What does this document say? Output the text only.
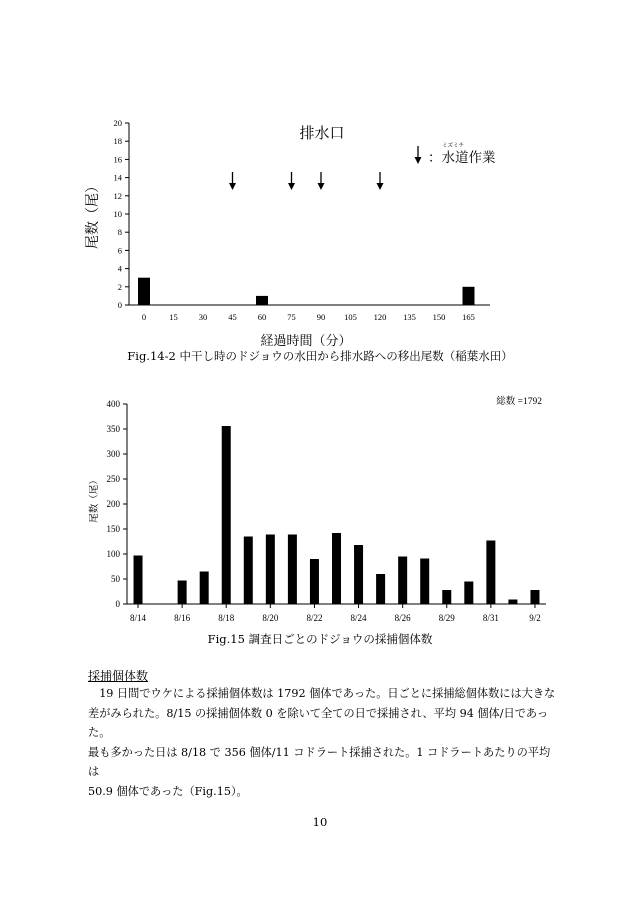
0
2
4
6
8
10
12
14
16
18
20
0	15 30 45 60 75 90 105 120 135 150 165
排水口
：水道作業
ミズミチ
経過時間（分）
尾数（尾）
Fig.14-2 中干し時のドジョウの水田から排水路への移出尾数（稲葉水田）
0
50
100
150
200
250
300
350
400
8/14	8/16	8/18	8/20	8/22	8/24	8/26	8/29	8/31	9/2
総数 =1792
尾数（尾）
Fig.15 調査日ごとのドジョウの採捕個体数
採捕個体数

　19 日間でウケによる採捕個体数は 1792 個体であった。日ごとに採捕総個体数には大きな

差がみられた。8/15 の採捕個体数 0 を除いて全ての日で採捕され、平均 94 個体/日であった。

最も多かった日は 8/18 で 356 個体/11 コドラート採捕された。1 コドラートあたりの平均は

50.9 個体であった（Fig.15）。

10
